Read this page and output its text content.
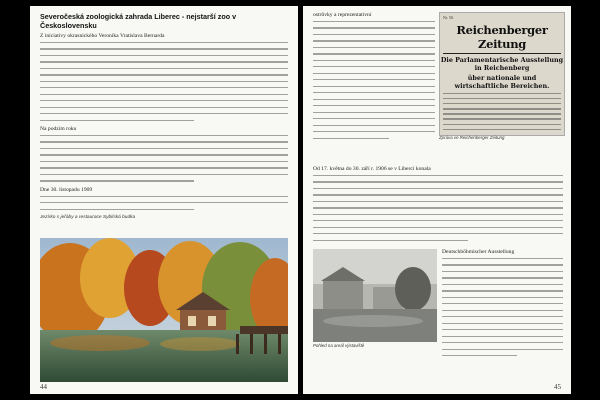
Severočeská zoologická zahrada Liberec - nejstarší zoo v Československu

Z iniciativy okrasnického Veroníka Vratislava Bernarda

Na podzim roku

Dne 30. listopadu 1909

Jezírko s jeřáby a restaurace Sybilská budka
44

ostrůvky a reprezentativní	Nr. 50.
Reichenberger Zeitung
Die Parlamentarische Ausstellung in Reichenberg
über nationale und wirtschaftliche Bereichen.
Zpráva ve Reichenberger Zeitung

Od 17. května do 30. září r. 1906 se v Liberci konala

Pohled na areál výstaviště

Deutschböhmischer Ausstellung

45
